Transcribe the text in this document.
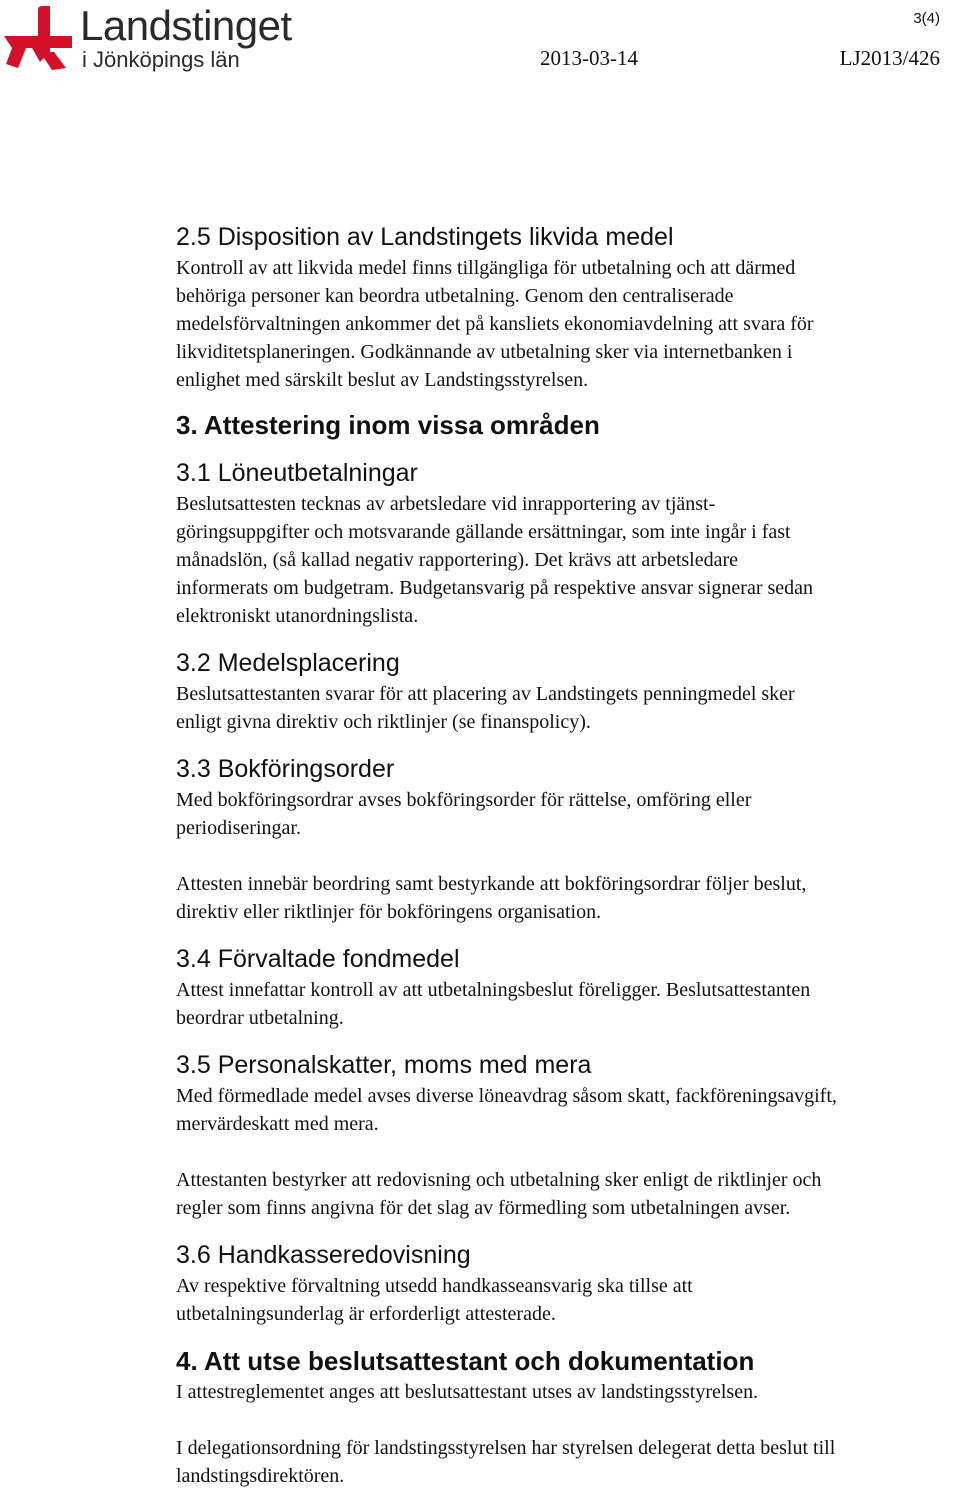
Landstinget
i Jönköpings län
3(4)
2013-03-14	LJ2013/426
2.5 Disposition av Landstingets likvida medel

Kontroll av att likvida medel finns tillgängliga för utbetalning och att därmed
behöriga personer kan beordra utbetalning. Genom den centraliserade
medelsförvaltningen ankommer det på kansliets ekonomiavdelning att svara för
likviditetsplaneringen. Godkännande av utbetalning sker via internetbanken i
enlighet med särskilt beslut av Landstingsstyrelsen.

3. Attestering inom vissa områden
3.1 Löneutbetalningar

Beslutsattesten tecknas av arbetsledare vid inrapportering av tjänst-
göringsuppgifter och motsvarande gällande ersättningar, som inte ingår i fast
månadslön, (så kallad negativ rapportering). Det krävs att arbetsledare
informerats om budgetram. Budgetansvarig på respektive ansvar signerar sedan
elektroniskt utanordningslista.

3.2 Medelsplacering

Beslutsattestanten svarar för att placering av Landstingets penningmedel sker
enligt givna direktiv och riktlinjer (se finanspolicy).

3.3 Bokföringsorder

Med bokföringsordrar avses bokföringsorder för rättelse, omföring eller
periodiseringar.

Attesten innebär beordring samt bestyrkande att bokföringsordrar följer beslut,
direktiv eller riktlinjer för bokföringens organisation.

3.4 Förvaltade fondmedel

Attest innefattar kontroll av att utbetalningsbeslut föreligger. Beslutsattestanten
beordrar utbetalning.

3.5 Personalskatter, moms med mera

Med förmedlade medel avses diverse löneavdrag såsom skatt, fackföreningsavgift,
mervärdeskatt med mera.

Attestanten bestyrker att redovisning och utbetalning sker enligt de riktlinjer och
regler som finns angivna för det slag av förmedling som utbetalningen avser.

3.6 Handkasseredovisning

Av respektive förvaltning utsedd handkasseansvarig ska tillse att
utbetalningsunderlag är erforderligt attesterade.

4. Att utse beslutsattestant och dokumentation

I attestreglementet anges att beslutsattestant utses av landstingsstyrelsen.

I delegationsordning för landstingsstyrelsen har styrelsen delegerat detta beslut till
landstingsdirektören.
